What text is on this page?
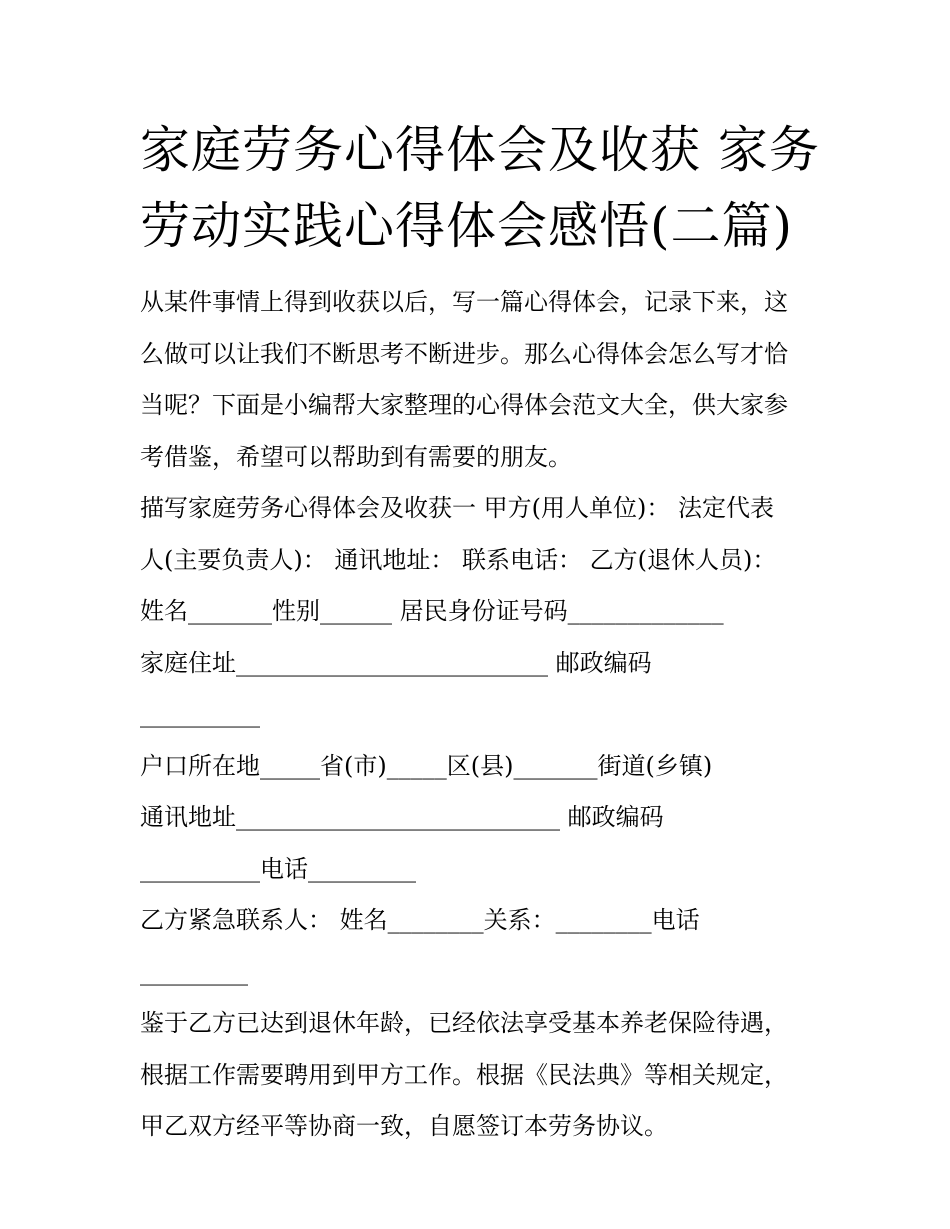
家庭劳务心得体会及收获 家务
劳动实践心得体会感悟(二篇)
从某件事情上得到收获以后，写一篇心得体会，记录下来，这
么做可以让我们不断思考不断进步。那么心得体会怎么写才恰
当呢？下面是小编帮大家整理的心得体会范文大全，供大家参
考借鉴，希望可以帮助到有需要的朋友。
描写家庭劳务心得体会及收获一 甲方(用人单位)： 法定代表
人(主要负责人)： 通讯地址： 联系电话： 乙方(退休人员)：
姓名_______性别______ 居民身份证号码_____________
家庭住址__________________________ 邮政编码
__________
户口所在地_____省(市)_____区(县)_______街道(乡镇)
通讯地址___________________________ 邮政编码
__________电话_________
乙方紧急联系人： 姓名________关系：________电话
_________
鉴于乙方已达到退休年龄，已经依法享受基本养老保险待遇，
根据工作需要聘用到甲方工作。根据《民法典》等相关规定，
甲乙双方经平等协商一致，自愿签订本劳务协议。
